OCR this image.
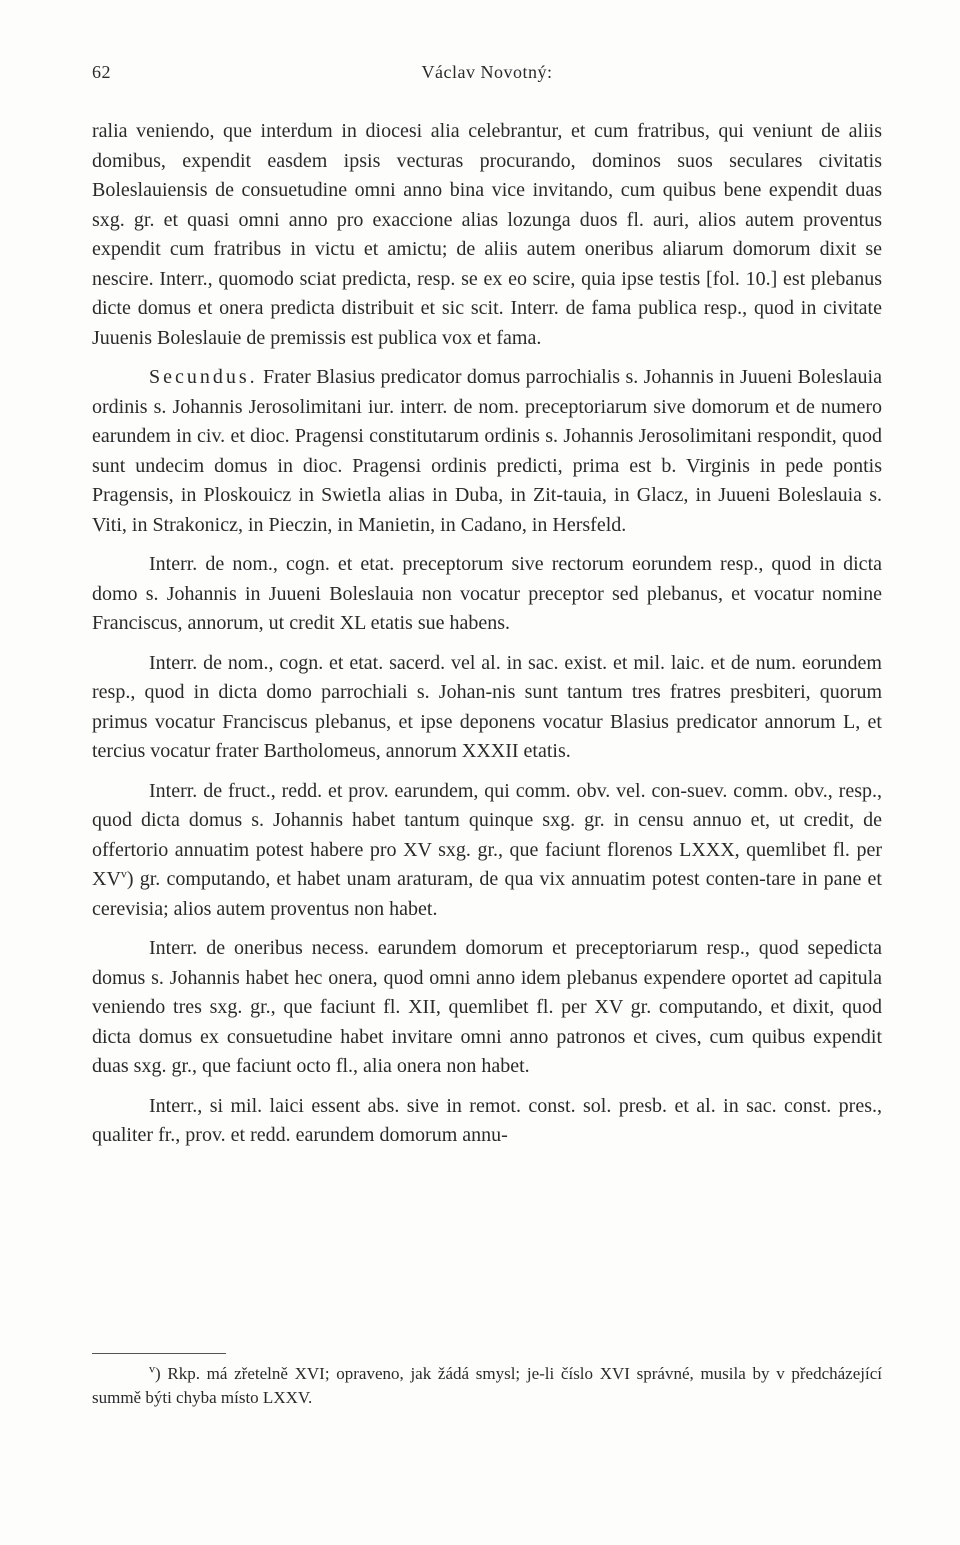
62	Václav Novotný:

ralia veniendo, que interdum in diocesi alia celebrantur, et cum fratribus, qui veniunt de aliis domibus, expendit easdem ipsis vecturas procurando, dominos suos seculares civitatis Boleslauiensis de consuetudine omni anno bina vice invitando, cum quibus bene expendit duas sxg. gr. et quasi omni anno pro exaccione alias lozunga duos fl. auri, alios autem proventus expendit cum fratribus in victu et amictu; de aliis autem oneribus aliarum domorum dixit se nescire. Interr., quomodo sciat predicta, resp. se ex eo scire, quia ipse testis [fol. 10.] est plebanus dicte domus et onera predicta distribuit et sic scit. Interr. de fama publica resp., quod in civitate Juuenis Boleslauie de premissis est publica vox et fama.

Secundus. Frater Blasius predicator domus parrochialis s. Johannis in Juueni Boleslauia ordinis s. Johannis Jerosolimitani iur. interr. de nom. preceptoriarum sive domorum et de numero earundem in civ. et dioc. Pragensi constitutarum ordinis s. Johannis Jerosolimitani respondit, quod sunt undecim domus in dioc. Pragensi ordinis predicti, prima est b. Virginis in pede pontis Pragensis, in Ploskouicz in Swietla alias in Duba, in Zit-tauia, in Glacz, in Juueni Boleslauia s. Viti, in Strakonicz, in Pieczin, in Manietin, in Cadano, in Hersfeld.

Interr. de nom., cogn. et etat. preceptorum sive rectorum eorundem resp., quod in dicta domo s. Johannis in Juueni Boleslauia non vocatur preceptor sed plebanus, et vocatur nomine Franciscus, annorum, ut credit XL etatis sue habens.

Interr. de nom., cogn. et etat. sacerd. vel al. in sac. exist. et mil. laic. et de num. eorundem resp., quod in dicta domo parrochiali s. Johan-nis sunt tantum tres fratres presbiteri, quorum primus vocatur Franciscus plebanus, et ipse deponens vocatur Blasius predicator annorum L, et tercius vocatur frater Bartholomeus, annorum XXXII etatis.

Interr. de fruct., redd. et prov. earundem, qui comm. obv. vel. con-suev. comm. obv., resp., quod dicta domus s. Johannis habet tantum quinque sxg. gr. in censu annuo et, ut credit, de offertorio annuatim potest habere pro XV sxg. gr., que faciunt florenos LXXX, quemlibet fl. per $XV^v$) gr. computando, et habet unam araturam, de qua vix annuatim potest conten-tare in pane et cerevisia; alios autem proventus non habet.

Interr. de oneribus necess. earundem domorum et preceptoriarum resp., quod sepedicta domus s. Johannis habet hec onera, quod omni anno idem plebanus expendere oportet ad capitula veniendo tres sxg. gr., que faciunt fl. XII, quemlibet fl. per XV gr. computando, et dixit, quod dicta domus ex consuetudine habet invitare omni anno patronos et cives, cum quibus expendit duas sxg. gr., que faciunt octo fl., alia onera non habet.

Interr., si mil. laici essent abs. sive in remot. const. sol. presb. et al. in sac. const. pres., qualiter fr., prov. et redd. earundem domorum annu-

$^v$) Rkp. má zřetelně XVI; opraveno, jak žádá smysl; je-li číslo XVI správné, musila by v předcházející summě býti chyba místo LXXV.
